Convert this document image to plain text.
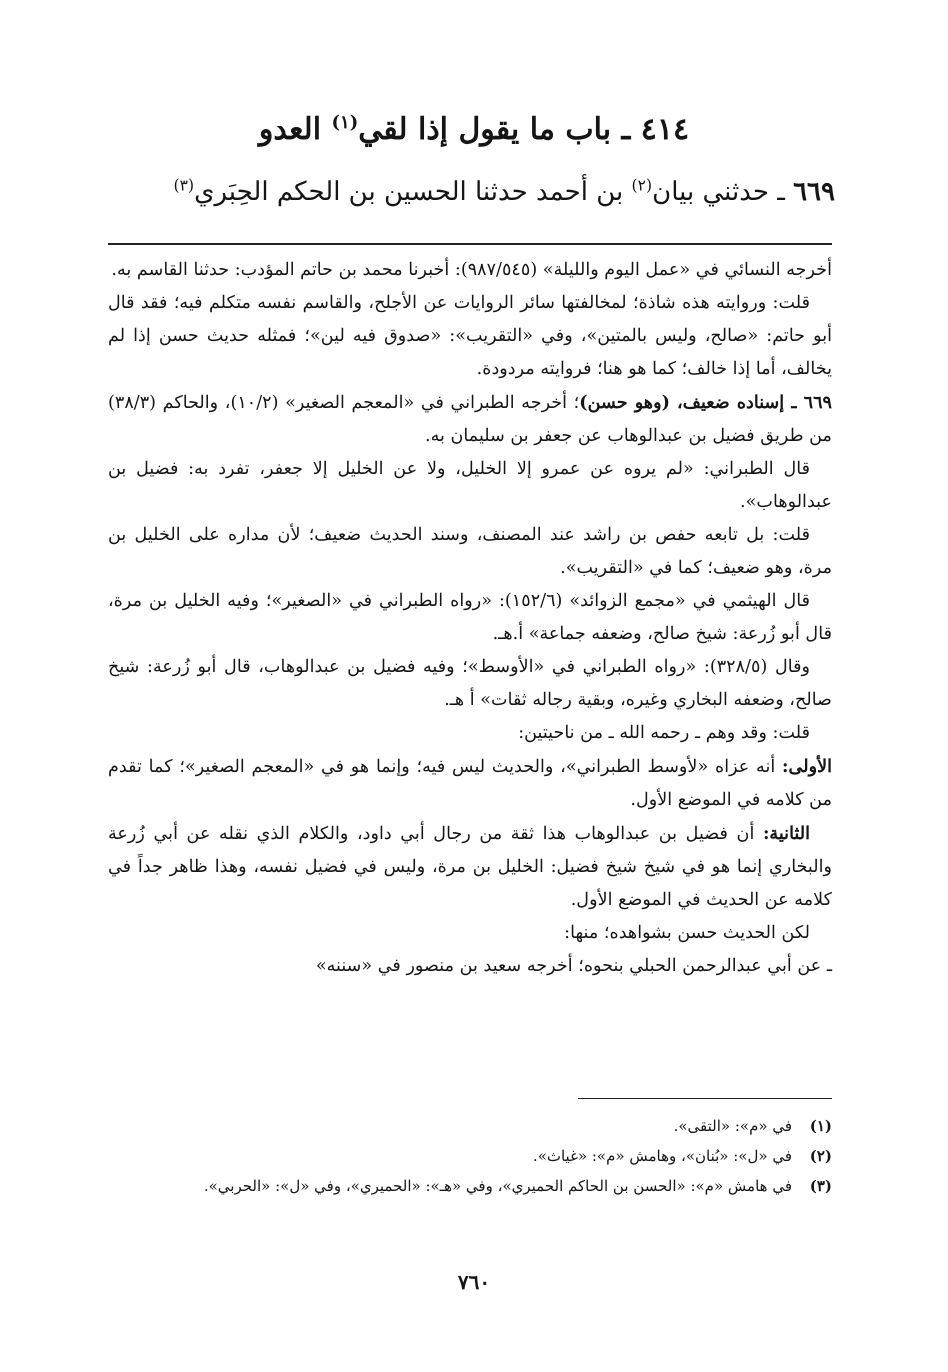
٤١٤ ـ باب ما يقول إذا لقي$^{(١)}$ العدو
٦٦٩ ـ حدثني بيان$^{(٢)}$ بن أحمد حدثنا الحسين بن الحكم الحِبَري$^{(٣)}$

أخرجه النسائي في «عمل اليوم والليلة» (٩٨٧/٥٤٥): أخبرنا محمد بن حاتم المؤدب: حدثنا القاسم به.

قلت: وروايته هذه شاذة؛ لمخالفتها سائر الروايات عن الأجلح، والقاسم نفسه متكلم فيه؛ فقد قال أبو حاتم: «صالح، وليس بالمتين»، وفي «التقريب»: «صدوق فيه لين»؛ فمثله حديث حسن إذا لم يخالف، أما إذا خالف؛ كما هو هنا؛ فروايته مردودة.

٦٦٩ ـ إسناده ضعيف، (وهو حسن)؛ أخرجه الطبراني في «المعجم الصغير» (١٠/٢)، والحاكم (٣٨/٣) من طريق فضيل بن عبدالوهاب عن جعفر بن سليمان به.

قال الطبراني: «لم يروه عن عمرو إلا الخليل، ولا عن الخليل إلا جعفر، تفرد به: فضيل بن عبدالوهاب».

قلت: بل تابعه حفص بن راشد عند المصنف، وسند الحديث ضعيف؛ لأن مداره على الخليل بن مرة، وهو ضعيف؛ كما في «التقريب».

قال الهيثمي في «مجمع الزوائد» (١٥٢/٦): «رواه الطبراني في «الصغير»؛ وفيه الخليل بن مرة، قال أبو زُرعة: شيخ صالح، وضعفه جماعة» أ.هـ.

وقال (٣٢٨/٥): «رواه الطبراني في «الأوسط»؛ وفيه فضيل بن عبدالوهاب، قال أبو زُرعة: شيخ صالح، وضعفه البخاري وغيره، وبقية رجاله ثقات» أ هـ.

قلت: وقد وهم ـ رحمه الله ـ من ناحيتين:

الأولى: أنه عزاه «لأوسط الطبراني»، والحديث ليس فيه؛ وإنما هو في «المعجم الصغير»؛ كما تقدم من كلامه في الموضع الأول.

الثانية: أن فضيل بن عبدالوهاب هذا ثقة من رجال أبي داود، والكلام الذي نقله عن أبي زُرعة والبخاري إنما هو في شيخ شيخ فضيل: الخليل بن مرة، وليس في فضيل نفسه، وهذا ظاهر جداً في كلامه عن الحديث في الموضع الأول.

لكن الحديث حسن بشواهده؛ منها:

ـ عن أبي عبدالرحمن الحبلي بنحوه؛ أخرجه سعيد بن منصور في «سننه»

(١)
في «م»: «التقى».
(٢)
في «ل»: «بُنان»، وهامش «م»: «غياث».
(٣)
في هامش «م»: «الحسن بن الحاكم الحميري»، وفي «هـ»: «الحميري»، وفي «ل»: «الحربي».
٧٦٠
